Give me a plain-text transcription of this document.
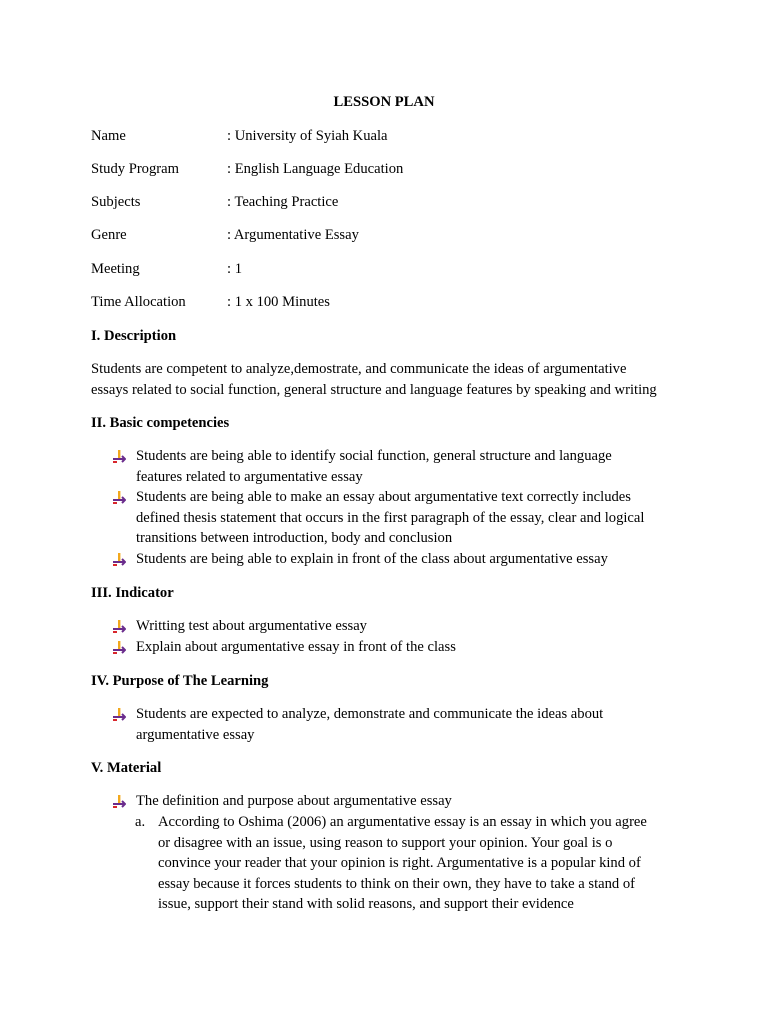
LESSON PLAN
Name	: University of Syiah Kuala
Study Program	: English Language Education
Subjects	: Teaching Practice
Genre	: Argumentative Essay
Meeting	: 1
Time Allocation	: 1 x 100 Minutes
I. Description
Students are competent to analyze,demostrate, and communicate the ideas of argumentative
essays related to social function, general structure and language features by speaking and writing
II. Basic competencies
Students are being able to identify social function, general structure and language
features related to argumentative essay
Students are being able to make an essay about argumentative text correctly includes
defined thesis statement that occurs in the first paragraph of the essay, clear and logical
transitions between introduction, body and conclusion
Students are being able to explain in front of the class about argumentative essay
III. Indicator
Writting test about argumentative essay
Explain about argumentative essay in front of the class
IV. Purpose of The Learning
Students are expected to analyze, demonstrate and communicate the ideas about
argumentative essay
V. Material
The definition and purpose about argumentative essay
a. According to Oshima (2006) an argumentative essay is an essay in which you agree
or disagree with an issue, using reason to support your opinion. Your goal is o
convince your reader that your opinion is right. Argumentative is a popular kind of
essay because it forces students to think on their own, they have to take a stand of
issue, support their stand with solid reasons, and support their evidence
